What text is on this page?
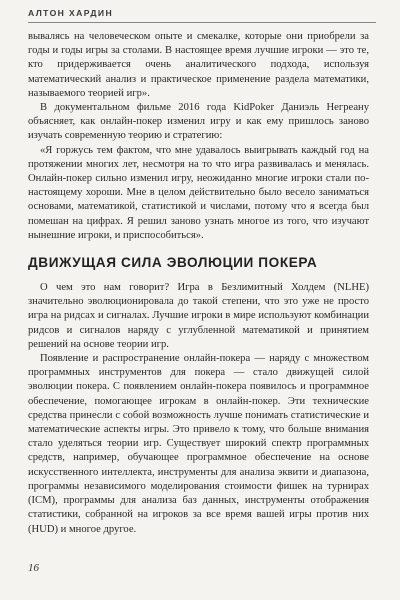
АЛТОН ХАРДИН

вывалясь на человеческом опыте и смекалке, которые они приобрели за годы и годы игры за столами. В настоящее время лучшие игроки — это те, кто придерживается очень аналитического подхода, используя математический анализ и практическое применение раздела математики, называемого теорией игр».

В документальном фильме 2016 года KidPoker Даниэль Негреану объясняет, как онлайн-покер изменил игру и как ему пришлось заново изучать современную теорию и стратегию:

«Я горжусь тем фактом, что мне удавалось выигрывать каждый год на протяжении многих лет, несмотря на то что игра развивалась и менялась. Онлайн-покер сильно изменил игру, неожиданно многие игроки стали по-настоящему хороши. Мне в целом действительно было весело заниматься основами, математикой, статистикой и числами, потому что я всегда был помешан на цифрах. Я решил заново узнать многое из того, что изучают нынешние игроки, и приспособиться».

ДВИЖУЩАЯ СИЛА ЭВОЛЮЦИИ ПОКЕРА

О чем это нам говорит? Игра в Безлимитный Холдем (NLHE) значительно эволюционировала до такой степени, что это уже не просто игра на ридсах и сигналах. Лучшие игроки в мире используют комбинации ридсов и сигналов наряду с углубленной математикой и принятием решений на основе теории игр.

Появление и распространение онлайн-покера — наряду с множеством программных инструментов для покера — стало движущей силой эволюции покера. С появлением онлайн-покера появилось и программное обеспечение, помогающее игрокам в онлайн-покер. Эти технические средства принесли с собой возможность лучше понимать статистические и математические аспекты игры. Это привело к тому, что больше внимания стало уделяться теории игр. Существует широкий спектр программных средств, например, обучающее программное обеспечение на основе искусственного интеллекта, инструменты для анализа эквити и диапазона, программы независимого моделирования стоимости фишек на турнирах (ICM), программы для анализа баз данных, инструменты отображения статистики, собранной на игроков за все время вашей игры против них (HUD) и многое другое.

16
